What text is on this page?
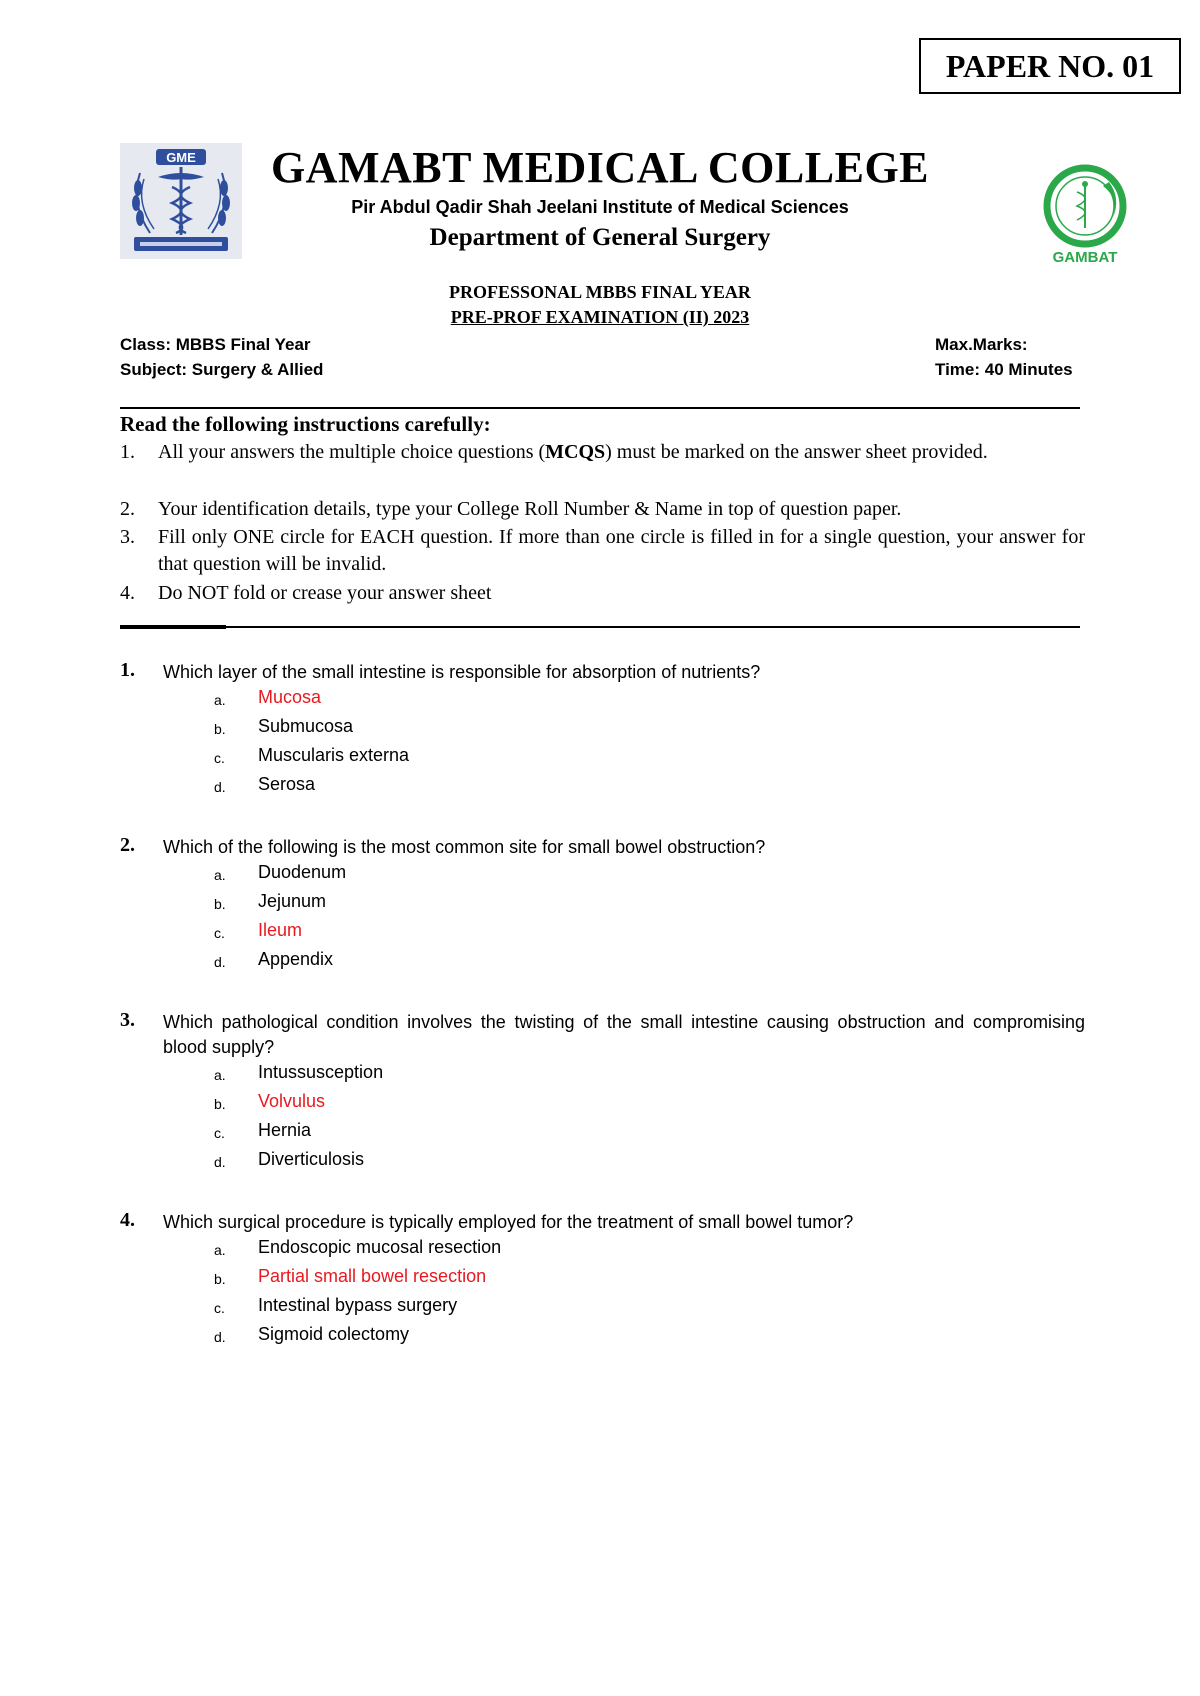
PAPER NO. 01
GME
GAMBAT
GAMABT MEDICAL COLLEGE
Pir Abdul Qadir Shah Jeelani Institute of Medical Sciences
Department of General Surgery
PROFESSONAL MBBS FINAL YEAR
PRE-PROF EXAMINATION (II) 2023
Class: MBBS Final Year
Subject: Surgery & Allied
Max.Marks:
Time: 40 Minutes
Read the following instructions carefully:
1.	All your answers the multiple choice questions (MCQS) must be marked on the answer sheet provided.
2.	Your identification details, type your College Roll Number & Name in top of question paper.
3.	Fill only ONE circle for EACH question. If more than one circle is filled in for a single question, your answer for that question will be invalid.
4.	Do NOT fold or crease your answer sheet
1. Which layer of the small intestine is responsible for absorption of nutrients?
a. Mucosa
b. Submucosa
c. Muscularis externa
d. Serosa
2. Which of the following is the most common site for small bowel obstruction?
a. Duodenum
b. Jejunum
c. Ileum
d. Appendix
3. Which pathological condition involves the twisting of the small intestine causing obstruction and compromising blood supply?
a. Intussusception
b. Volvulus
c. Hernia
d. Diverticulosis
4. Which surgical procedure is typically employed for the treatment of small bowel tumor?
a. Endoscopic mucosal resection
b. Partial small bowel resection
c. Intestinal bypass surgery
d. Sigmoid colectomy
